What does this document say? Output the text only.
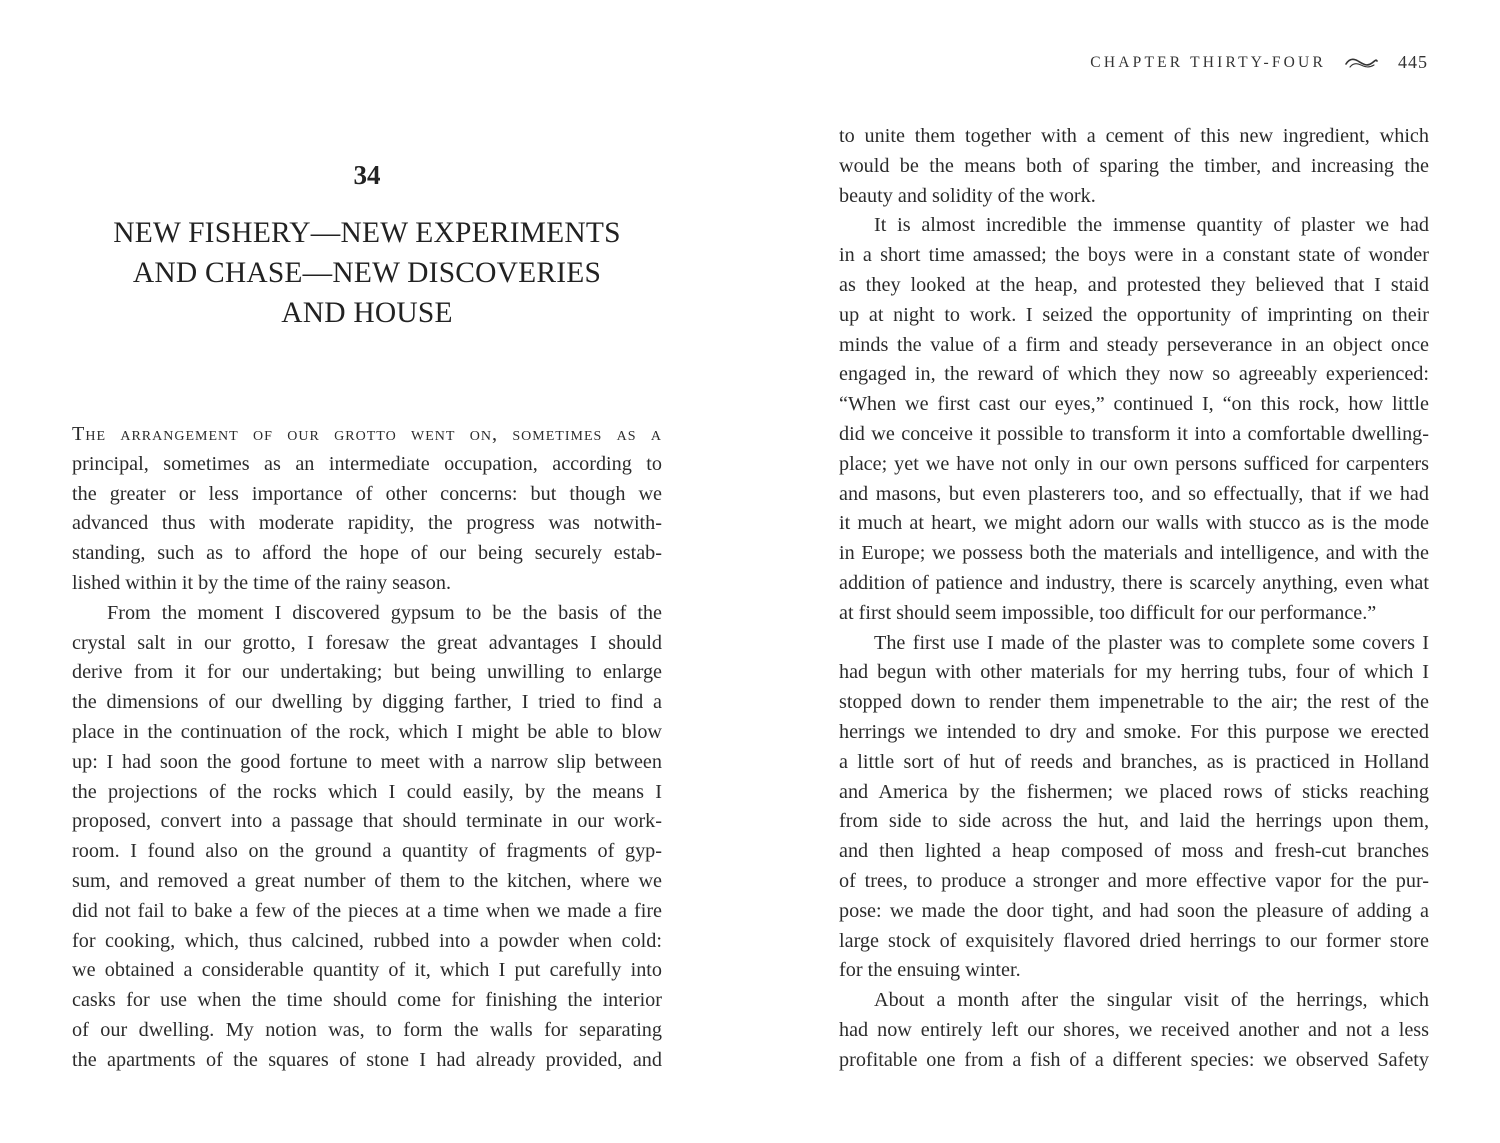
34
NEW FISHERY—NEW EXPERIMENTS
AND CHASE—NEW DISCOVERIES
AND HOUSE
The arrangement of our grotto went on, sometimes as a
principal, sometimes as an intermediate occupation, according to
the greater or less importance of other concerns: but though we
advanced thus with moderate rapidity, the progress was notwith-
standing, such as to afford the hope of our being securely estab-
lished within it by the time of the rainy season.
From the moment I discovered gypsum to be the basis of the
crystal salt in our grotto, I foresaw the great advantages I should
derive from it for our undertaking; but being unwilling to enlarge
the dimensions of our dwelling by digging farther, I tried to find a
place in the continuation of the rock, which I might be able to blow
up: I had soon the good fortune to meet with a narrow slip between
the projections of the rocks which I could easily, by the means I
proposed, convert into a passage that should terminate in our work-
room. I found also on the ground a quantity of fragments of gyp-
sum, and removed a great number of them to the kitchen, where we
did not fail to bake a few of the pieces at a time when we made a fire
for cooking, which, thus calcined, rubbed into a powder when cold:
we obtained a considerable quantity of it, which I put carefully into
casks for use when the time should come for finishing the interior
of our dwelling. My notion was, to form the walls for separating
the apartments of the squares of stone I had already provided, and
CHAPTER THIRTY-FOUR	445
to unite them together with a cement of this new ingredient, which
would be the means both of sparing the timber, and increasing the
beauty and solidity of the work.
It is almost incredible the immense quantity of plaster we had
in a short time amassed; the boys were in a constant state of wonder
as they looked at the heap, and protested they believed that I staid
up at night to work. I seized the opportunity of imprinting on their
minds the value of a firm and steady perseverance in an object once
engaged in, the reward of which they now so agreeably experienced:
“When we first cast our eyes,” continued I, “on this rock, how little
did we conceive it possible to transform it into a comfortable dwelling-
place; yet we have not only in our own persons sufficed for carpenters
and masons, but even plasterers too, and so effectually, that if we had
it much at heart, we might adorn our walls with stucco as is the mode
in Europe; we possess both the materials and intelligence, and with the
addition of patience and industry, there is scarcely anything, even what
at first should seem impossible, too difficult for our performance.”
The first use I made of the plaster was to complete some covers I
had begun with other materials for my herring tubs, four of which I
stopped down to render them impenetrable to the air; the rest of the
herrings we intended to dry and smoke. For this purpose we erected
a little sort of hut of reeds and branches, as is practiced in Holland
and America by the fishermen; we placed rows of sticks reaching
from side to side across the hut, and laid the herrings upon them,
and then lighted a heap composed of moss and fresh-cut branches
of trees, to produce a stronger and more effective vapor for the pur-
pose: we made the door tight, and had soon the pleasure of adding a
large stock of exquisitely flavored dried herrings to our former store
for the ensuing winter.
About a month after the singular visit of the herrings, which
had now entirely left our shores, we received another and not a less
profitable one from a fish of a different species: we observed Safety
